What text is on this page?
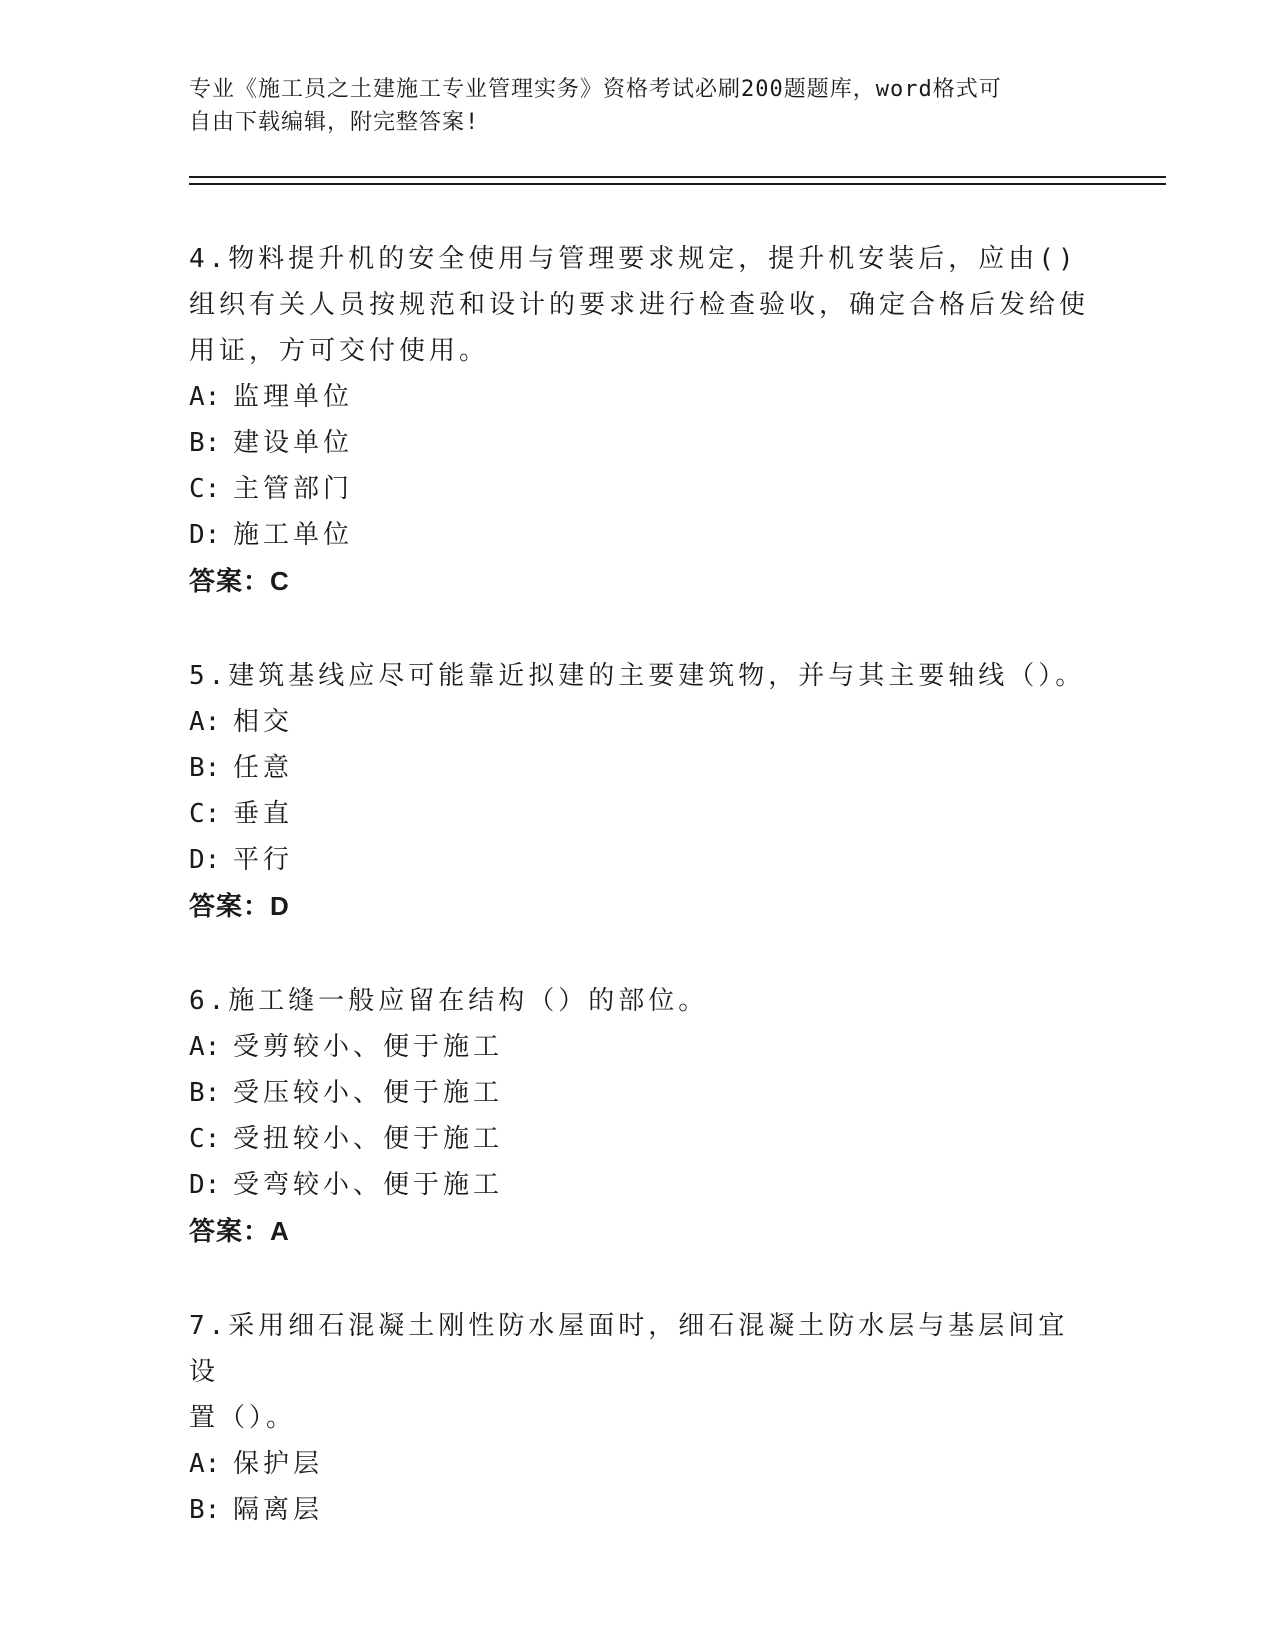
专业《施工员之土建施工专业管理实务》资格考试必刷200题题库，word格式可
自由下载编辑，附完整答案!
4.物料提升机的安全使用与管理要求规定，提升机安装后，应由()
组织有关人员按规范和设计的要求进行检查验收，确定合格后发给使
用证，方可交付使用。
A: 监理单位
B: 建设单位
C: 主管部门
D: 施工单位
答案：C
5.建筑基线应尽可能靠近拟建的主要建筑物，并与其主要轴线（）。
A: 相交
B: 任意
C: 垂直
D: 平行
答案：D
6.施工缝一般应留在结构（）的部位。
A: 受剪较小、便于施工
B: 受压较小、便于施工
C: 受扭较小、便于施工
D: 受弯较小、便于施工
答案：A
7.采用细石混凝土刚性防水屋面时，细石混凝土防水层与基层间宜设
置（）。
A: 保护层
B: 隔离层
